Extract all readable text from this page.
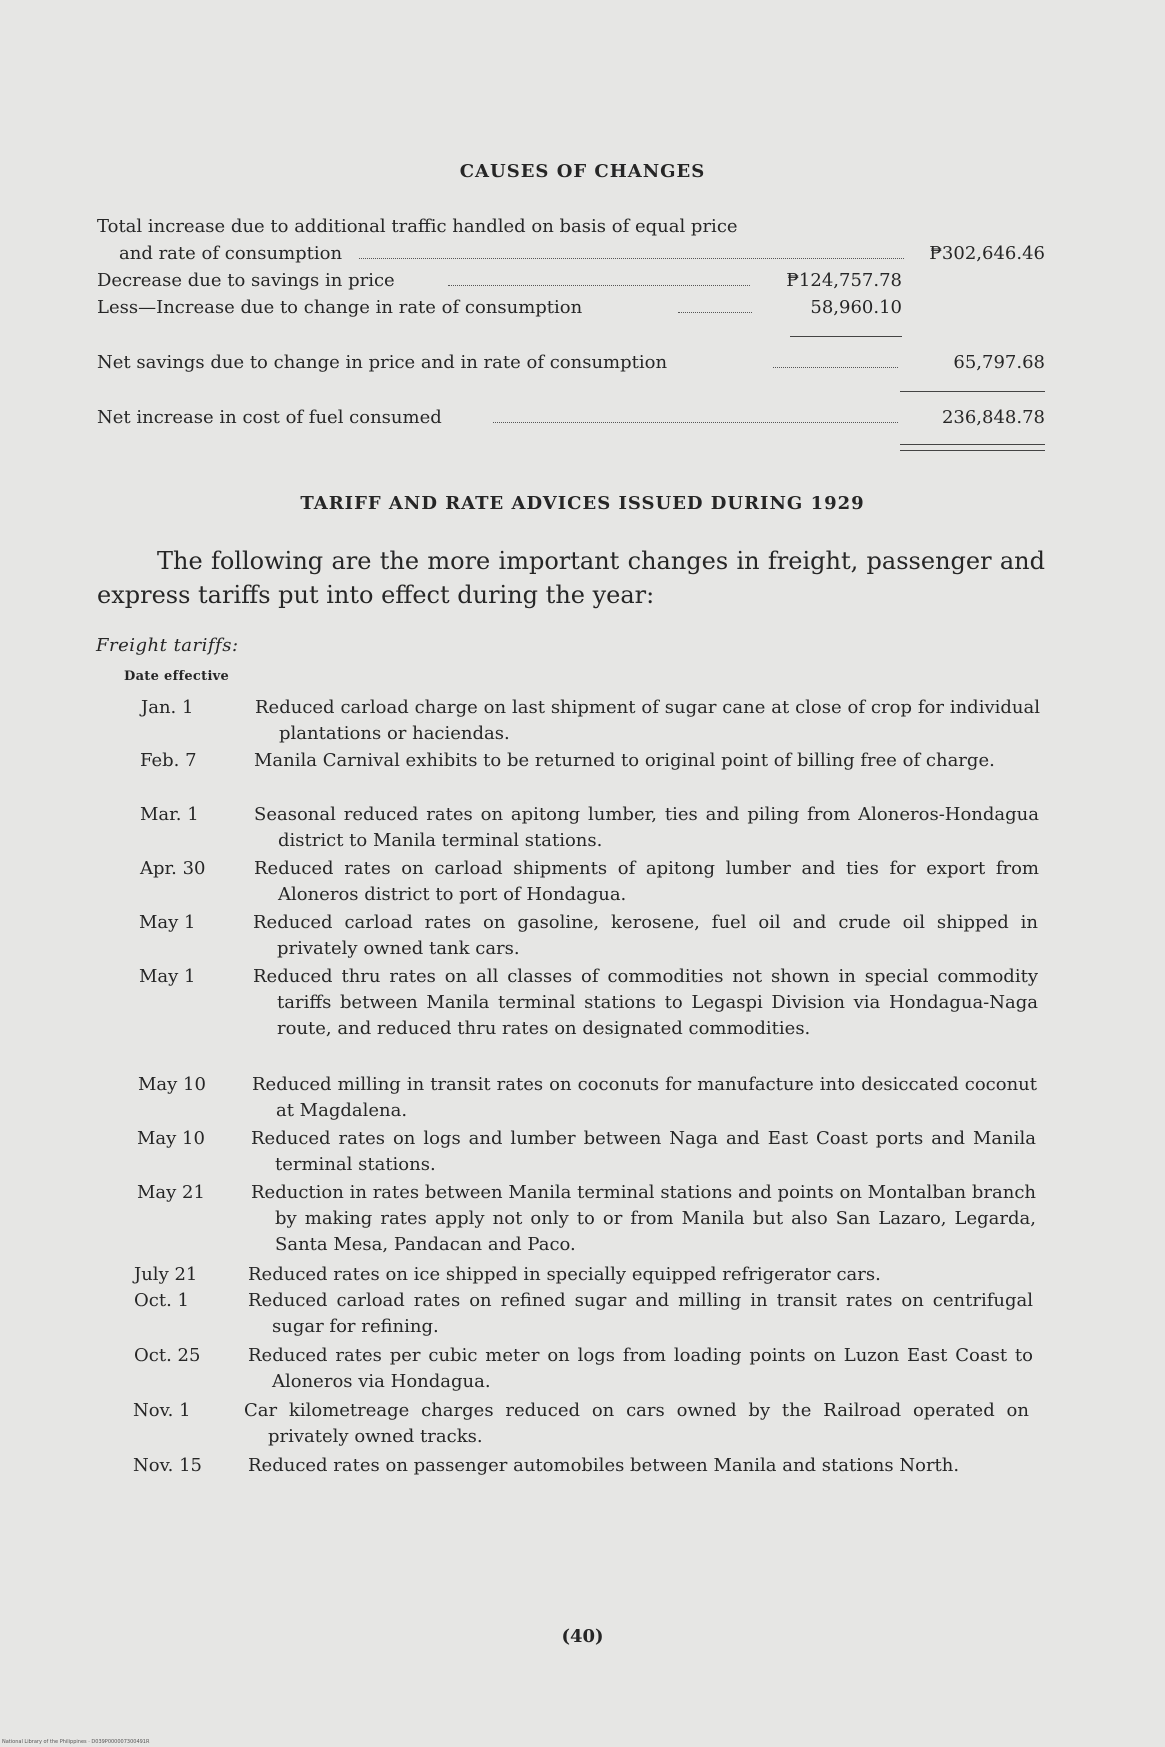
CAUSES OF CHANGES
Total increase due to additional traffic handled on basis of equal price
and rate of consumption	₱302,646.46
Decrease due to savings in price	₱124,757.78
Less—Increase due to change in rate of consumption	58,960.10
Net savings due to change in price and in rate of consumption	65,797.68
Net increase in cost of fuel consumed	236,848.78
TARIFF AND RATE ADVICES ISSUED DURING 1929
The following are the more important changes in freight, passenger and express tariffs put into effect during the year:
Freight tariffs:
Date effective
Jan. 1	Reduced carload charge on last shipment of sugar cane at close of crop for individual plantations or haciendas.
Feb. 7	Manila Carnival exhibits to be returned to original point of billing free of charge.
Mar. 1	Seasonal reduced rates on apitong lumber, ties and piling from Aloneros-Hondagua district to Manila terminal stations.
Apr. 30	Reduced rates on carload shipments of apitong lumber and ties for export from Aloneros district to port of Hondagua.
May 1	Reduced carload rates on gasoline, kerosene, fuel oil and crude oil shipped in privately owned tank cars.
May 1	Reduced thru rates on all classes of commodities not shown in special commodity tariffs between Manila terminal stations to Legaspi Division via Hondagua-Naga route, and reduced thru rates on designated commodities.
May 10	Reduced milling in transit rates on coconuts for manufacture into desiccated coconut at Magdalena.
May 10	Reduced rates on logs and lumber between Naga and East Coast ports and Manila terminal stations.
May 21	Reduction in rates between Manila terminal stations and points on Montalban branch by making rates apply not only to or from Manila but also San Lazaro, Legarda, Santa Mesa, Pandacan and Paco.
July 21	Reduced rates on ice shipped in specially equipped refrigerator cars.
Oct. 1	Reduced carload rates on refined sugar and milling in transit rates on centrifugal sugar for refining.
Oct. 25	Reduced rates per cubic meter on logs from loading points on Luzon East Coast to Aloneros via Hondagua.
Nov. 1	Car kilometreage charges reduced on cars owned by the Railroad operated on privately owned tracks.
Nov. 15	Reduced rates on passenger automobiles between Manila and stations North.
(40)
National Library of the Philippines · D039P000007300491R
